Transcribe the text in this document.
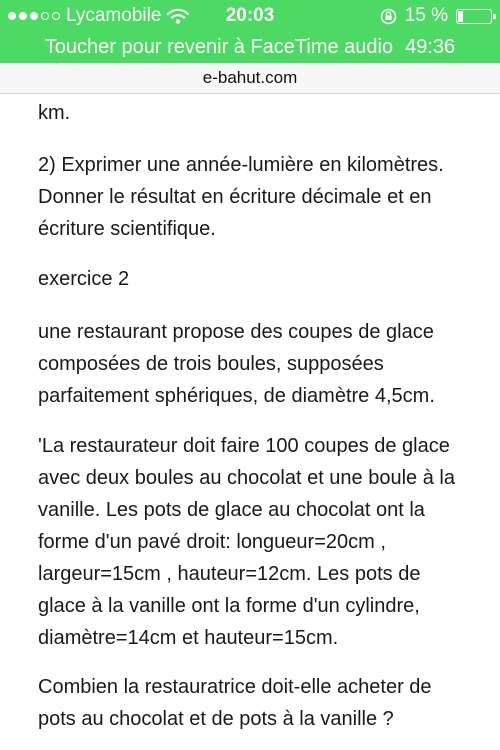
Lycamobile	20:03	15 %
Toucher pour revenir à FaceTime audio 49:36
e-bahut.com

km.

2) Exprimer une année-lumière en kilomètres. Donner le résultat en écriture décimale et en écriture scientifique.

exercice 2

une restaurant propose des coupes de glace composées de trois boules, supposées parfaitement sphériques, de diamètre 4,5cm.

'La restaurateur doit faire 100 coupes de glace avec deux boules au chocolat et une boule à la vanille. Les pots de glace au chocolat ont la forme d'un pavé droit: longueur=20cm , largeur=15cm , hauteur=12cm. Les pots de glace à la vanille ont la forme d'un cylindre, diamètre=14cm et hauteur=15cm.

Combien la restauratrice doit-elle acheter de pots au chocolat et de pots à la vanille ?
